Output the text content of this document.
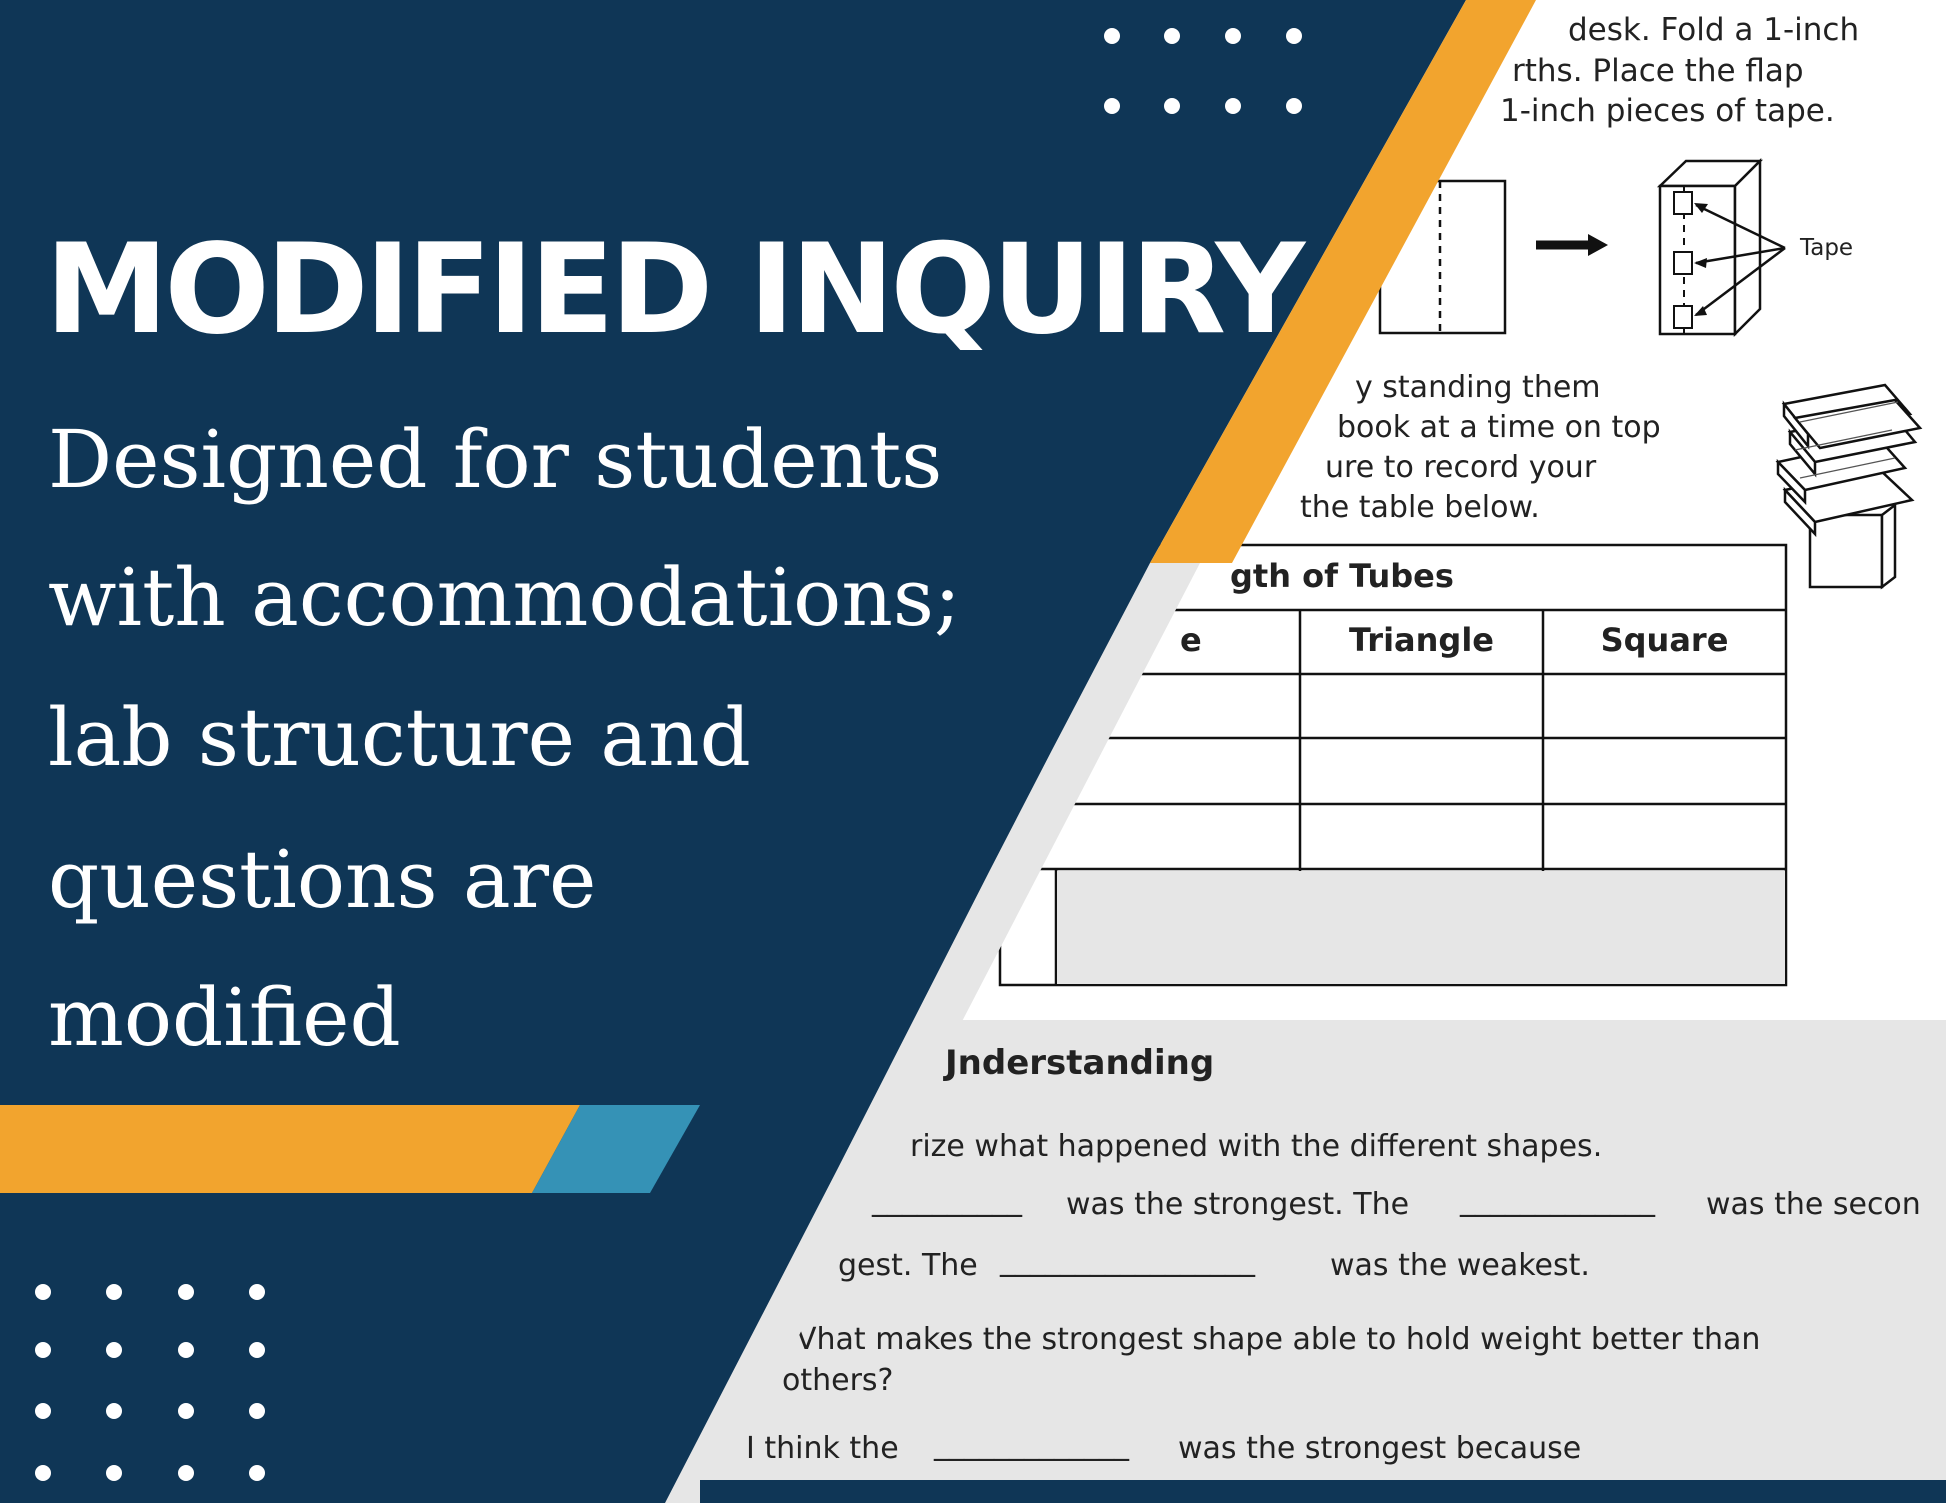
desk. Fold a 1-inch
rths. Place the flap
1-inch pieces of tape.
Tape
y standing them
book at a time on top
ure to record your
the table below.
gth of Tubes
e	Triangle	Square
Jnderstanding
rize what happened with the different shapes.
__________ was the strongest. The _____________ was the secon
gest. The _________________	was the weakest.
Vhat makes the strongest shape able to hold weight better than
others?
I think the _____________ was the strongest because
MODIFIED INQUIRY
Designed for students
with accommodations;
lab structure and
questions are
modified
